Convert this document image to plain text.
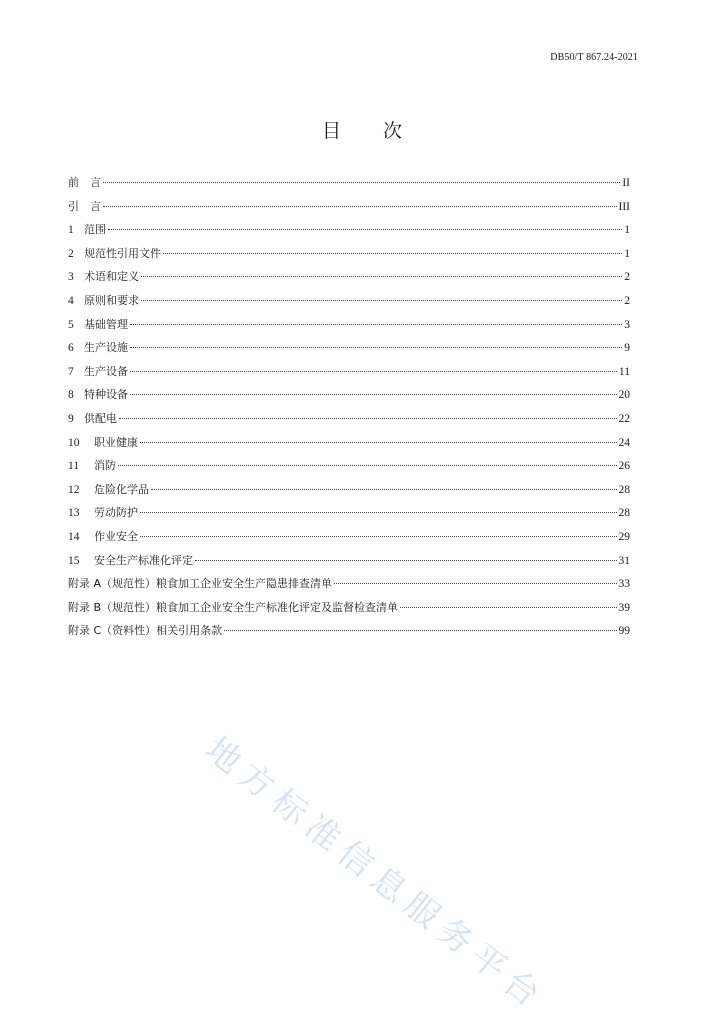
DB50/T 867.24-2021
目 次
前　言	II
引　言	III
1 范围	1
2 规范性引用文件	1
3 术语和定义	2
4 原则和要求	2
5 基础管理	3
6 生产设施	9
7 生产设备	11
8 特种设备	20
9 供配电	22
10 职业健康	24
11 消防	26
12 危险化学品	28
13 劳动防护	28
14 作业安全	29
15 安全生产标准化评定	31
附录 A（规范性）粮食加工企业安全生产隐患排查清单	33
附录 B（规范性）粮食加工企业安全生产标准化评定及监督检查清单	39
附录 C（资料性）相关引用条款	99
地方标准信息服务平台
